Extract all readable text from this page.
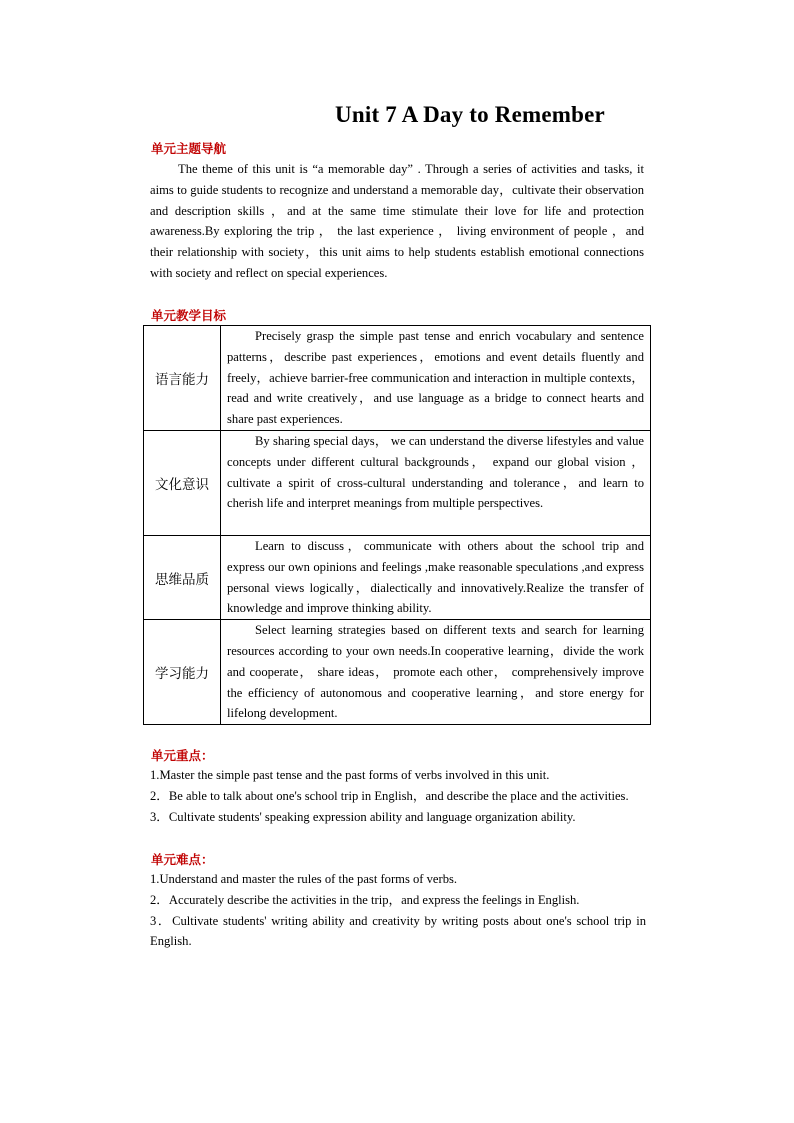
Unit 7 A Day to Remember
单元主题导航

The theme of this unit is “a memorable day” . Through a series of activities and tasks, it aims to guide students to recognize and understand a memorable day，cultivate their observation and description skills ，and at the same time stimulate their love for life and protection awareness.By exploring the trip ， the last experience ， living environment of people ，and their relationship with society，this unit aims to help students establish emotional connections with society and reflect on special experiences.

单元教学目标
语言能力	Precisely grasp the simple past tense and enrich vocabulary and sentence patterns，describe past experiences，emotions and event details fluently and freely，achieve barrier-free communication and interaction in multiple contexts，read and write creatively，and use language as a bridge to connect hearts and share past experiences.

文化意识	By sharing special days， we can understand the diverse lifestyles and value concepts under different cultural backgrounds， expand our global vision ， cultivate a spirit of cross-cultural understanding and tolerance，and learn to cherish life and interpret meanings from multiple perspectives.

思维品质	Learn to discuss，communicate with others about the school trip and express our own opinions and feelings ,make reasonable speculations ,and express personal views logically，dialectically and innovatively.Realize the transfer of knowledge and improve thinking ability.

学习能力	Select learning strategies based on different texts and search for learning resources according to your own needs.In cooperative learning，divide the work and cooperate， share ideas， promote each other， comprehensively improve the efficiency of autonomous and cooperative learning，and store energy for lifelong development.
单元重点：

1.Master the simple past tense and the past forms of verbs involved in this unit.

2．Be able to talk about one's school trip in English，and describe the place and the activities.

3．Cultivate students' speaking expression ability and language organization ability.

单元难点：

1.Understand and master the rules of the past forms of verbs.

2．Accurately describe the activities in the trip，and express the feelings in English.

3．Cultivate students' writing ability and creativity by writing posts about one's school trip in English.
